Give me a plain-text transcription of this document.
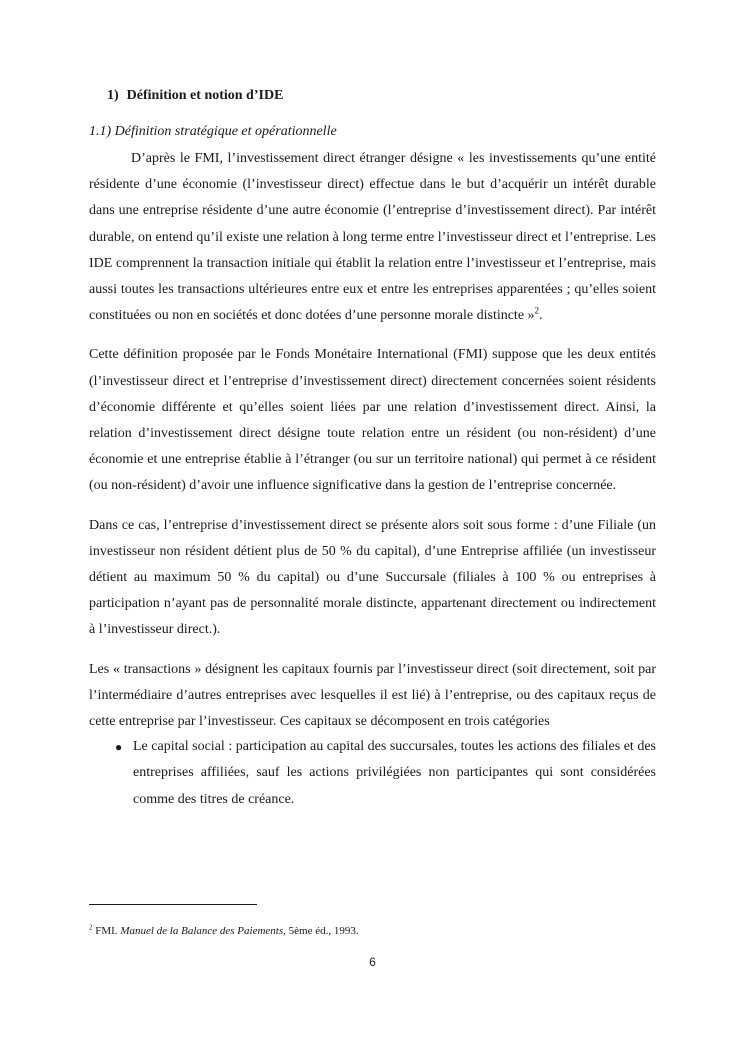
1) Définition et notion d’IDE
1.1) Définition stratégique et opérationnelle

D’après le FMI, l’investissement direct étranger désigne « les investissements qu’une entité résidente d’une économie (l’investisseur direct) effectue dans le but d’acquérir un intérêt durable dans une entreprise résidente d’une autre économie (l’entreprise d’investissement direct). Par intérêt durable, on entend qu’il existe une relation à long terme entre l’investisseur direct et l’entreprise. Les IDE comprennent la transaction initiale qui établit la relation entre l’investisseur et l’entreprise, mais aussi toutes les transactions ultérieures entre eux et entre les entreprises apparentées ; qu’elles soient constituées ou non en sociétés et donc dotées d’une personne morale distincte »$^2$.

Cette définition proposée par le Fonds Monétaire International (FMI) suppose que les deux entités (l’investisseur direct et l’entreprise d’investissement direct) directement concernées soient résidents d’économie différente et qu’elles soient liées par une relation d’investissement direct. Ainsi, la relation d’investissement direct désigne toute relation entre un résident (ou non-résident) d’une économie et une entreprise établie à l’étranger (ou sur un territoire national) qui permet à ce résident (ou non-résident) d’avoir une influence significative dans la gestion de l’entreprise concernée.

Dans ce cas, l’entreprise d’investissement direct se présente alors soit sous forme : d’une Filiale (un investisseur non résident détient plus de 50 % du capital), d’une Entreprise affiliée (un investisseur détient au maximum 50 % du capital) ou d’une Succursale (filiales à 100 % ou entreprises à participation n’ayant pas de personnalité morale distincte, appartenant directement ou indirectement à l’investisseur direct.).

Les « transactions » désignent les capitaux fournis par l’investisseur direct (soit directement, soit par l’intermédiaire d’autres entreprises avec lesquelles il est lié) à l’entreprise, ou des capitaux reçus de cette entreprise par l’investisseur. Ces capitaux se décomposent en trois catégories

● Le capital social : participation au capital des succursales, toutes les actions des filiales et des entreprises affiliées, sauf les actions privilégiées non participantes qui sont considérées comme des titres de créance.
$^2$ FMI. Manuel de la Balance des Paiements, 5ème éd., 1993.
6
